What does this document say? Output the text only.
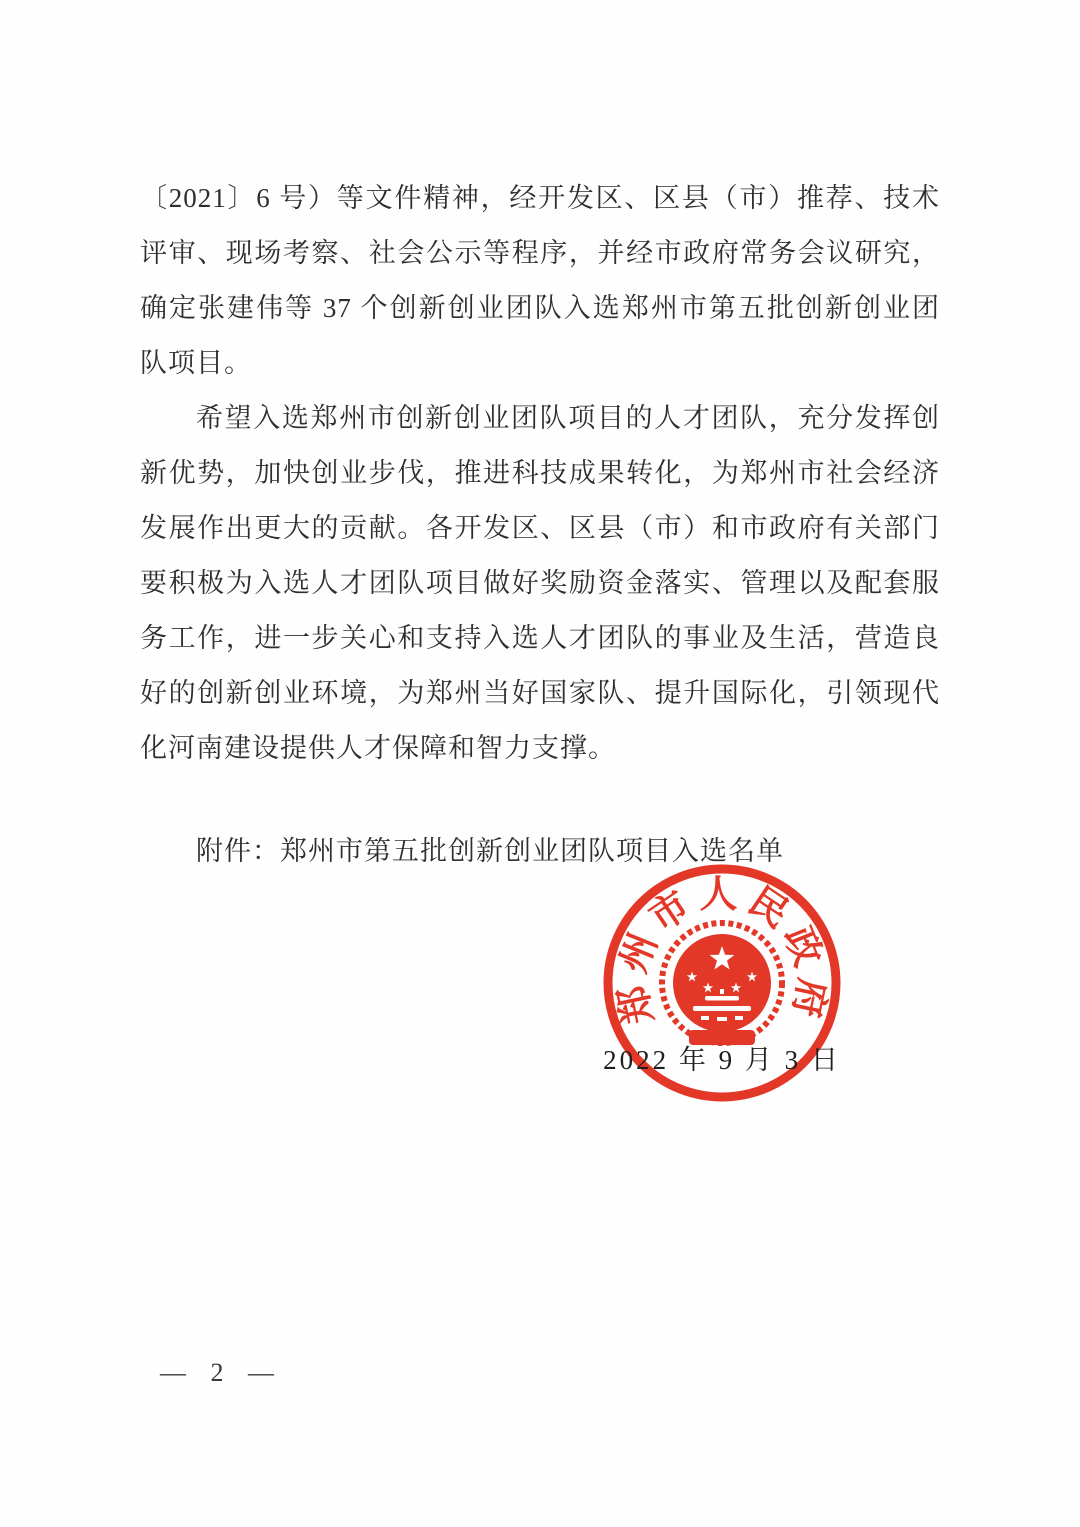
〔2021〕6 号）等文件精神，经开发区、区县（市）推荐、技术
评审、现场考察、社会公示等程序，并经市政府常务会议研究，
确定张建伟等 37 个创新创业团队入选郑州市第五批创新创业团
队项目。
希望入选郑州市创新创业团队项目的人才团队，充分发挥创
新优势，加快创业步伐，推进科技成果转化，为郑州市社会经济
发展作出更大的贡献。各开发区、区县（市）和市政府有关部门
要积极为入选人才团队项目做好奖励资金落实、管理以及配套服
务工作，进一步关心和支持入选人才团队的事业及生活，营造良
好的创新创业环境，为郑州当好国家队、提升国际化，引领现代
化河南建设提供人才保障和智力支撑。
附件：郑州市第五批创新创业团队项目入选名单
郑州市人民政府
2022 年 9 月 3 日
— 2 —
